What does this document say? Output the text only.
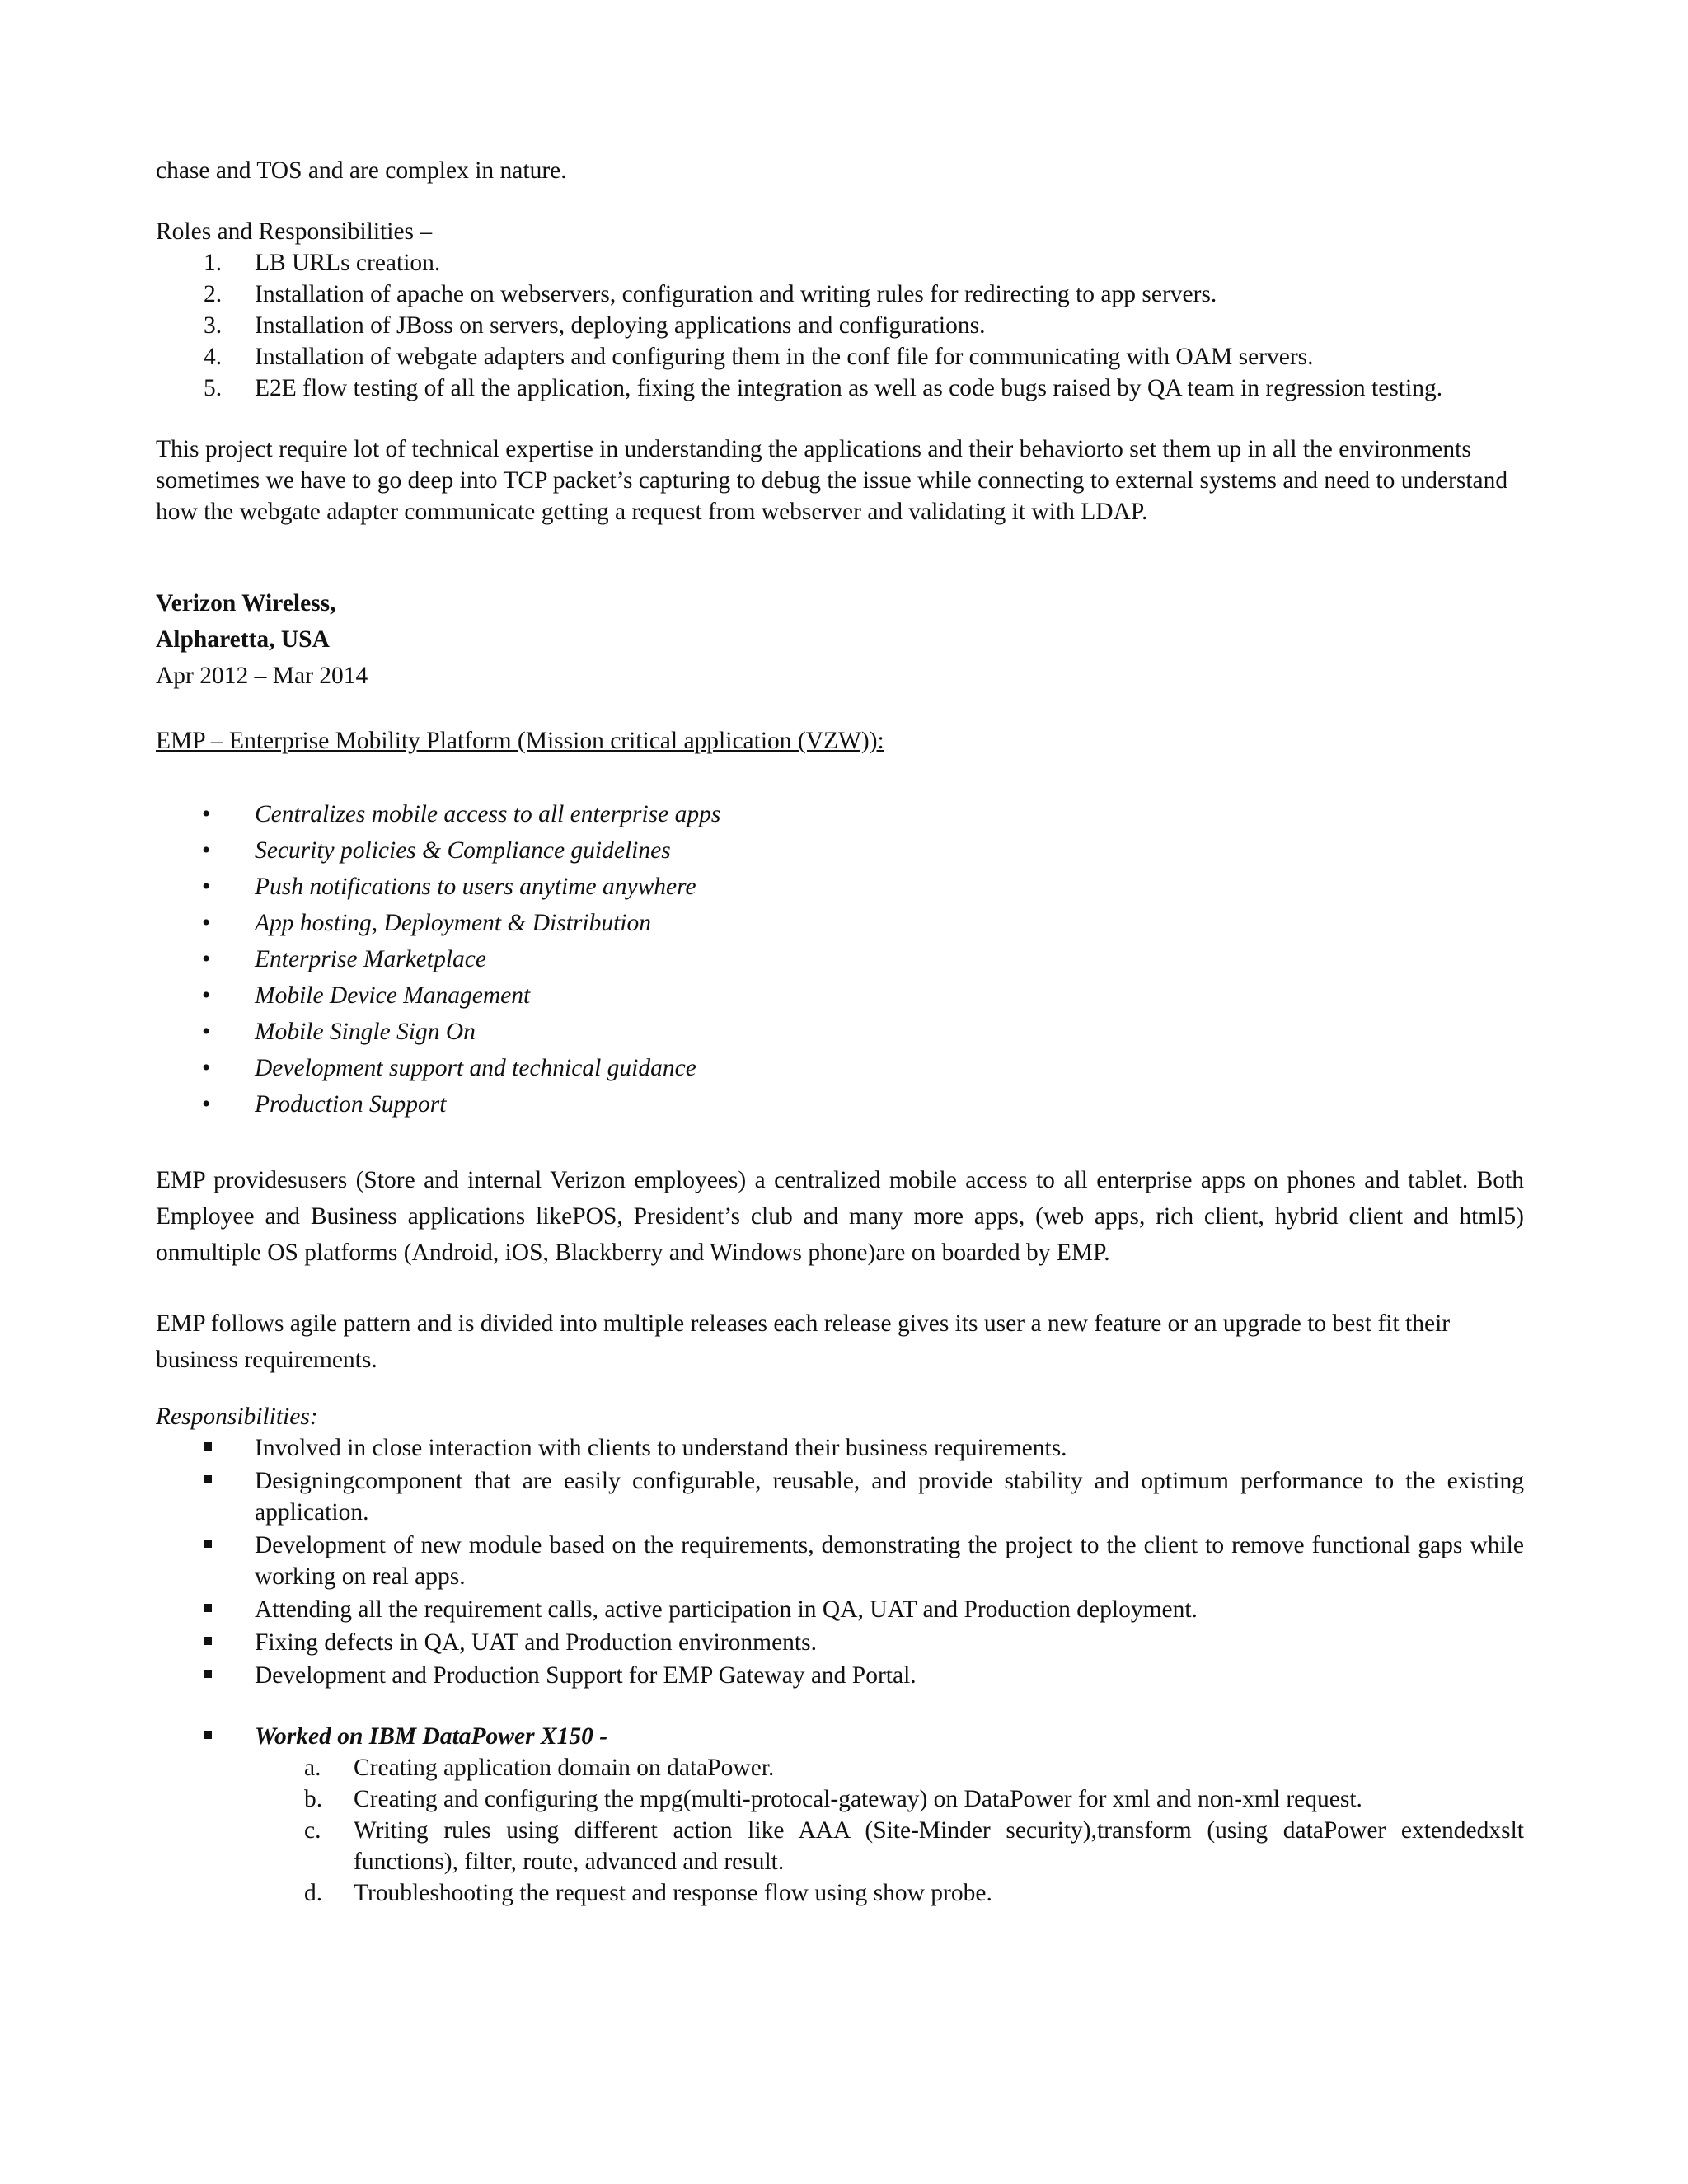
chase and TOS and are complex in nature.

Roles and Responsibilities –

1. LB URLs creation.
2. Installation of apache on webservers, configuration and writing rules for redirecting to app servers.
3. Installation of JBoss on servers, deploying applications and configurations.
4. Installation of webgate adapters and configuring them in the conf file for communicating with OAM servers.
5. E2E flow testing of all the application, fixing the integration as well as code bugs raised by QA team in regression testing.

This project require lot of technical expertise in understanding the applications and their behaviorto set them up in all the environments sometimes we have to go deep into TCP packet’s capturing to debug the issue while connecting to external systems and need to understand how the webgate adapter communicate getting a request from webserver and validating it with LDAP.

Verizon Wireless,

Alpharetta, USA

Apr 2012 – Mar 2014

EMP – Enterprise Mobility Platform (Mission critical application (VZW)):

• Centralizes mobile access to all enterprise apps
• Security policies & Compliance guidelines
• Push notifications to users anytime anywhere
• App hosting, Deployment & Distribution
• Enterprise Marketplace
• Mobile Device Management
• Mobile Single Sign On
• Development support and technical guidance
• Production Support

EMP providesusers (Store and internal Verizon employees) a centralized mobile access to all enterprise apps on phones and tablet. Both Employee and Business applications likePOS, President’s club and many more apps, (web apps, rich client, hybrid client and html5) onmultiple OS platforms (Android, iOS, Blackberry and Windows phone)are on boarded by EMP.

EMP follows agile pattern and is divided into multiple releases each release gives its user a new feature or an upgrade to best fit their business requirements.

Responsibilities:

Involved in close interaction with clients to understand their business requirements.
Designingcomponent that are easily configurable, reusable, and provide stability and optimum performance to the existing application.
Development of new module based on the requirements, demonstrating the project to the client to remove functional gaps while working on real apps.
Attending all the requirement calls, active participation in QA, UAT and Production deployment.
Fixing defects in QA, UAT and Production environments.
Development and Production Support for EMP Gateway and Portal.
Worked on IBM DataPower X150 -
a. Creating application domain on dataPower.
b. Creating and configuring the mpg(multi-protocal-gateway) on DataPower for xml and non-xml request.
c. Writing rules using different action like AAA (Site-Minder security),transform (using dataPower extendedxslt functions), filter, route, advanced and result.
d. Troubleshooting the request and response flow using show probe.
